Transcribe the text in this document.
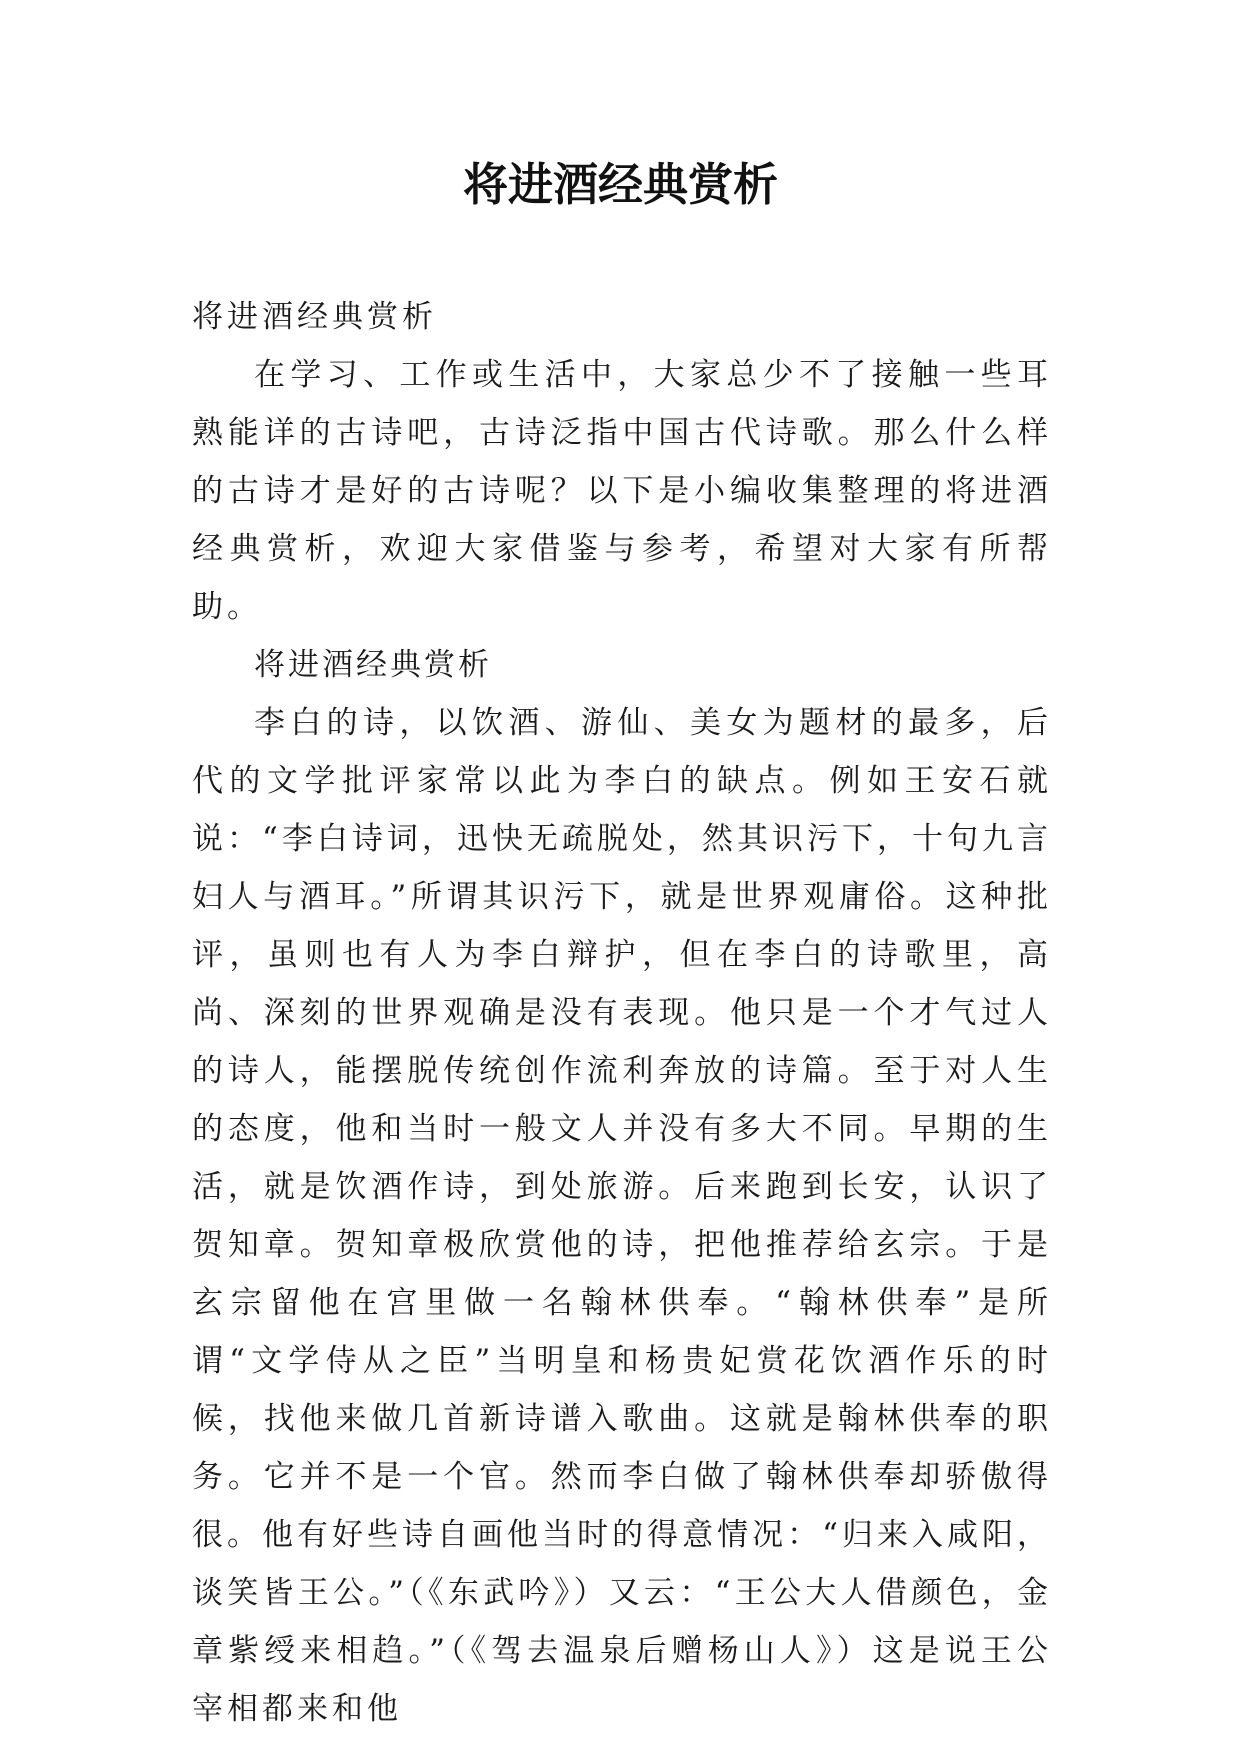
将进酒经典赏析

将进酒经典赏析

在学习、工作或生活中，大家总少不了接触一些耳熟能详的古诗吧，古诗泛指中国古代诗歌。那么什么样的古诗才是好的古诗呢？以下是小编收集整理的将进酒经典赏析，欢迎大家借鉴与参考，希望对大家有所帮助。

将进酒经典赏析

李白的诗，以饮酒、游仙、美女为题材的最多，后代的文学批评家常以此为李白的缺点。例如王安石就说：“李白诗词，迅快无疏脱处，然其识污下，十句九言妇人与酒耳。”所谓其识污下，就是世界观庸俗。这种批评，虽则也有人为李白辩护，但在李白的诗歌里，高尚、深刻的世界观确是没有表现。他只是一个才气过人的诗人，能摆脱传统创作流利奔放的诗篇。至于对人生的态度，他和当时一般文人并没有多大不同。早期的生活，就是饮酒作诗，到处旅游。后来跑到长安，认识了贺知章。贺知章极欣赏他的诗，把他推荐给玄宗。于是玄宗留他在宫里做一名翰林供奉。“翰林供奉”是所谓“文学侍从之臣”当明皇和杨贵妃赏花饮酒作乐的时候，找他来做几首新诗谱入歌曲。这就是翰林供奉的职务。它并不是一个官。然而李白做了翰林供奉却骄傲得很。他有好些诗自画他当时的得意情况：“归来入咸阳，谈笑皆王公。”（《东武吟》）又云：“王公大人借颜色，金章紫绶来相趋。”（《驾去温泉后赠杨山人》）这是说王公宰相都来和他
